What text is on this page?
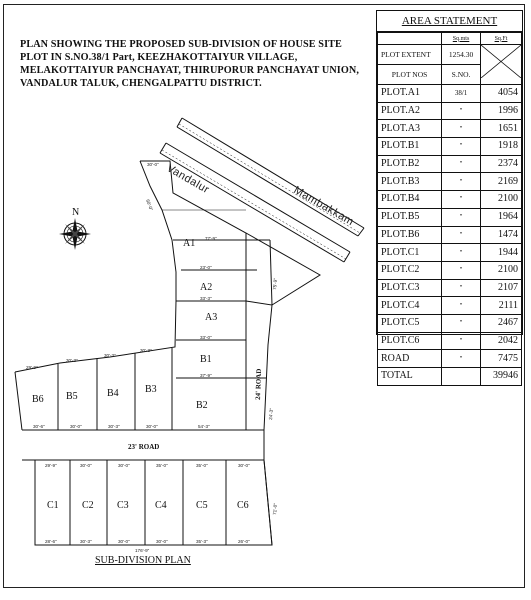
PLAN SHOWING THE PROPOSED SUB-DIVISION OF HOUSE SITE PLOT IN S.NO.38/1 Part, KEEZHAKOTTAIYUR VILLAGE, MELAKOTTAIYUR PANCHAYAT, THIRUPORUR PANCHAYAT UNION, VANDALUR TALUK, CHENGALPATTU DISTRICT.
N
Vandalur
Mambakkam
24' ROAD
23' ROAD
A1
A2
A3
B1
B2
B3
B4
B5
B6
C1 C2 C3	C4	C5	C6
30'-0"
60'-0"
77'-9"
23'-0"
33'-3"
33'-0"
37'-9"
54'-3"
30'-3"
30'-3"
30'-3"
29'-9"
30'-6"	30'-0"	30'-3"	30'-0"
29'-9"	30'-0"	30'-0"	35'-0"	35'-0"	30'-0"
28'-6"	30'-3"	30'-0"	30'-0"	35'-3"	26'-0"
176'-9"
75'-9"
24'-3"
71'-0"
SUB-DIVISION PLAN
AREA STATEMENT
	Sq.mts	Sq.Ft
PLOT EXTENT	1254.30	
PLOT NOS	S.NO.	
PLOT.A1	38/1	4054
PLOT.A2	"	1996
PLOT.A3	"	1651
PLOT.B1	"	1918
PLOT.B2	"	2374
PLOT.B3	"	2169
PLOT.B4	"	2100
PLOT.B5	"	1964
PLOT.B6	"	1474
PLOT.C1	"	1944
PLOT.C2	"	2100
PLOT.C3	"	2107
PLOT.C4	"	2111
PLOT.C5	"	2467
PLOT.C6	"	2042
ROAD	"	7475
TOTAL		39946
